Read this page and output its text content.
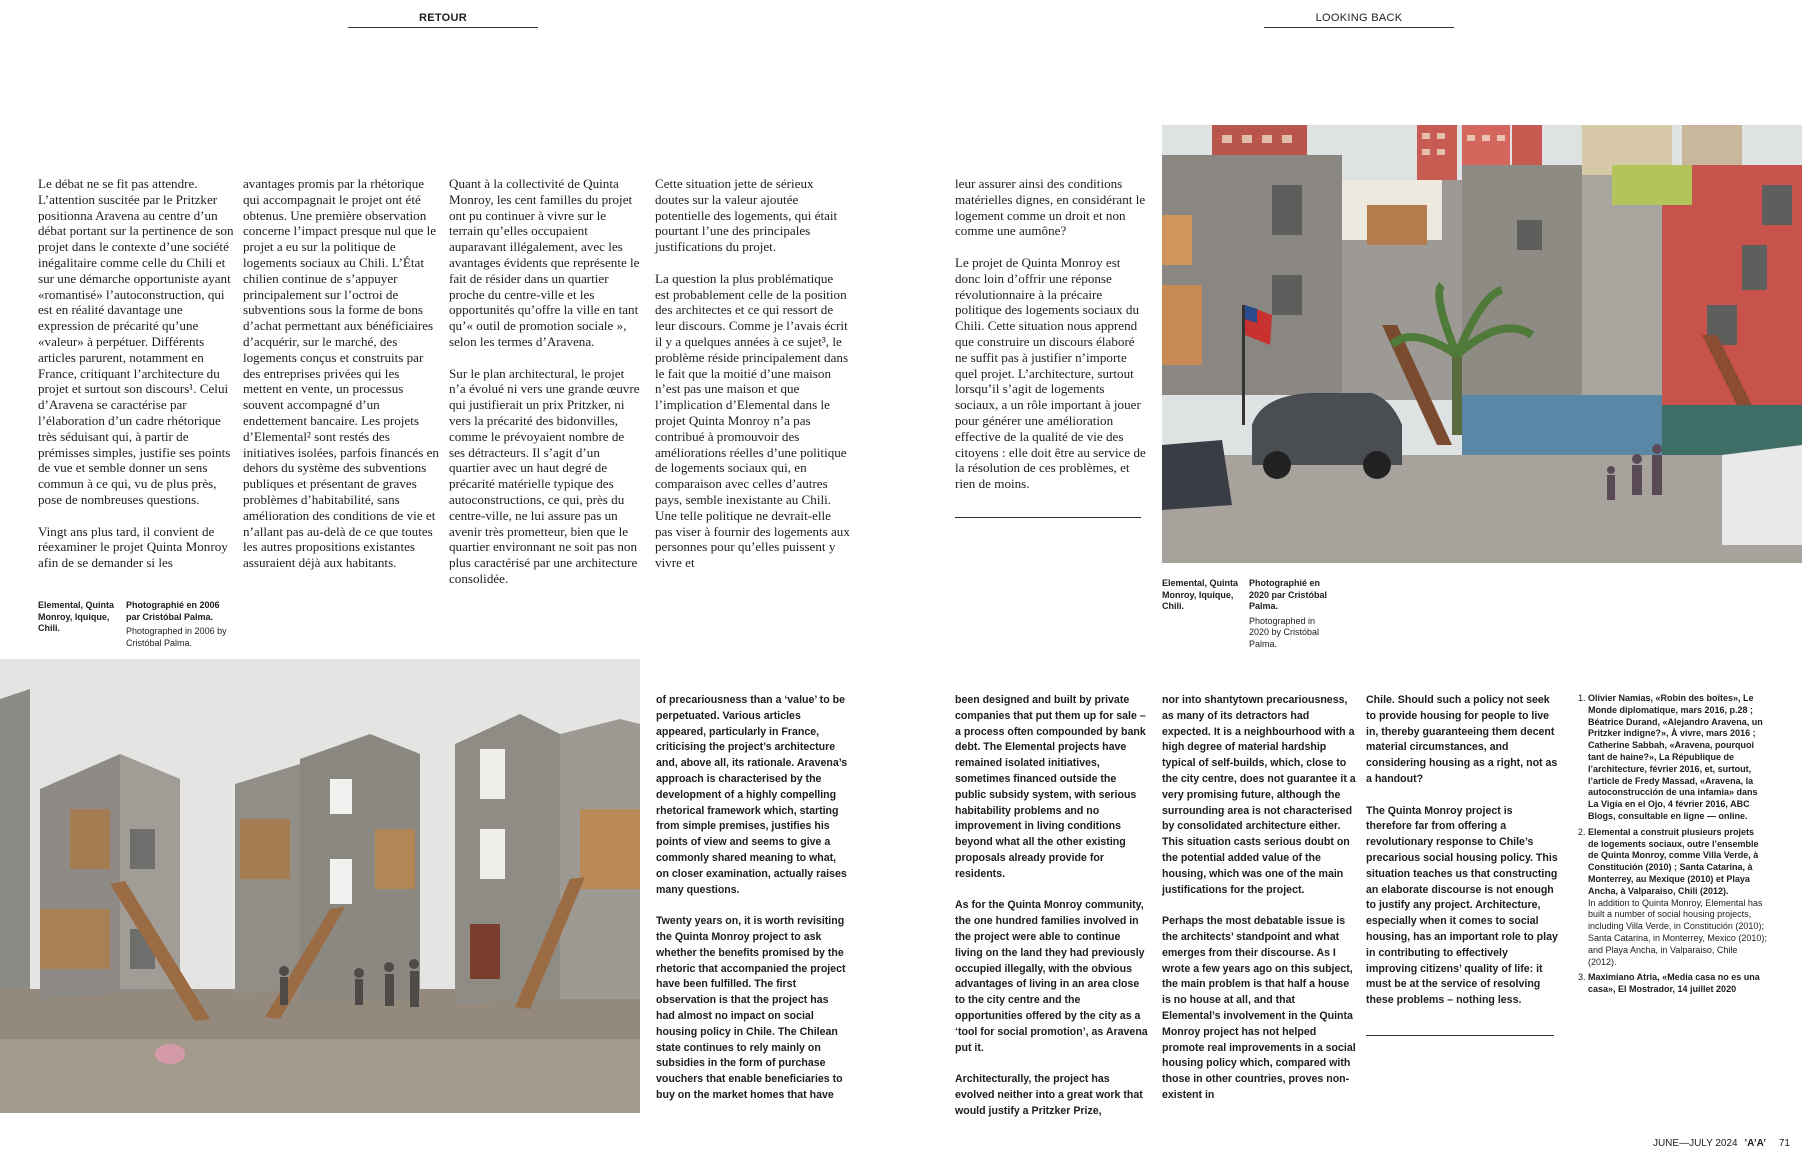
RETOUR	LOOKING BACK

Le débat ne se fit pas attendre. L’attention suscitée par le Pritzker positionna Aravena au centre d’un débat portant sur la pertinence de son projet dans le contexte d’une société inégalitaire comme celle du Chili et sur une démarche opportuniste ayant «romantisé» l’autoconstruction, qui est en réalité davantage une expression de précarité qu’une «valeur» à perpétuer. Différents articles parurent, notamment en France, critiquant l’architecture du projet et surtout son discours¹. Celui d’Aravena se caractérise par l’élaboration d’un cadre rhétorique très séduisant qui, à partir de prémisses simples, justifie ses points de vue et semble donner un sens commun à ce qui, vu de plus près, pose de nombreuses questions.

Vingt ans plus tard, il convient de réexaminer le projet Quinta Monroy afin de se demander si les

avantages promis par la rhétorique qui accompagnait le projet ont été obtenus. Une première observation concerne l’impact presque nul que le projet a eu sur la politique de logements sociaux au Chili. L’État chilien continue de s’appuyer principalement sur l’octroi de subventions sous la forme de bons d’achat permettant aux bénéficiaires d’acquérir, sur le marché, des logements conçus et construits par des entreprises privées qui les mettent en vente, un processus souvent accompagné d’un endettement bancaire. Les projets d’Elemental² sont restés des initiatives isolées, parfois financés en dehors du système des subventions publiques et présentant de graves problèmes d’habitabilité, sans amélioration des conditions de vie et n’allant pas au-delà de ce que toutes les autres propositions existantes assuraient déjà aux habitants.

Quant à la collectivité de Quinta Monroy, les cent familles du projet ont pu continuer à vivre sur le terrain qu’elles occupaient auparavant illégalement, avec les avantages évidents que représente le fait de résider dans un quartier proche du centre-ville et les opportunités qu’offre la ville en tant qu’« outil de promotion sociale », selon les termes d’Aravena.

Sur le plan architectural, le projet n’a évolué ni vers une grande œuvre qui justifierait un prix Pritzker, ni vers la précarité des bidonvilles, comme le prévoyaient nombre de ses détracteurs. Il s’agit d’un quartier avec un haut degré de précarité matérielle typique des autoconstructions, ce qui, près du centre-ville, ne lui assure pas un avenir très prometteur, bien que le quartier environnant ne soit pas non plus caractérisé par une architecture consolidée.

Cette situation jette de sérieux doutes sur la valeur ajoutée potentielle des logements, qui était pourtant l’une des principales justifications du projet.

La question la plus problématique est probablement celle de la position des architectes et ce qui ressort de leur discours. Comme je l’avais écrit il y a quelques années à ce sujet³, le problème réside principalement dans le fait que la moitié d’une maison n’est pas une maison et que l’implication d’Elemental dans le projet Quinta Monroy n’a pas contribué à promouvoir des améliorations réelles d’une politique de logements sociaux qui, en comparaison avec celles d’autres pays, semble inexistante au Chili. Une telle politique ne devrait-elle pas viser à fournir des logements aux personnes pour qu’elles puissent y vivre et

leur assurer ainsi des conditions matérielles dignes, en considérant le logement comme un droit et non comme une aumône?

Le projet de Quinta Monroy est donc loin d’offrir une réponse révolutionnaire à la précaire politique des logements sociaux du Chili. Cette situation nous apprend que construire un discours élaboré ne suffit pas à justifier n’importe quel projet. L’architecture, surtout lorsqu’il s’agit de logements sociaux, a un rôle important à jouer pour générer une amélioration effective de la qualité de vie des citoyens : elle doit être au service de la résolution de ces problèmes, et rien de moins.

Elemental, Quinta Monroy, Iquique, Chili.
Photographié en 2006 par Cristóbal Palma.
Photographed in 2006 by Cristóbal Palma.
Elemental, Quinta Monroy, Iquique, Chili.
Photographié en 2020 par Cristóbal Palma.
Photographed in 2020 by Cristóbal Palma.

of precariousness than a ‘value’ to be perpetuated. Various articles appeared, particularly in France, criticising the project’s architecture and, above all, its rationale. Aravena’s approach is characterised by the development of a highly compelling rhetorical framework which, starting from simple premises, justifies his points of view and seems to give a commonly shared meaning to what, on closer examination, actually raises many questions.

Twenty years on, it is worth revisiting the Quinta Monroy project to ask whether the benefits promised by the rhetoric that accompanied the project have been fulfilled. The first observation is that the project has had almost no impact on social housing policy in Chile. The Chilean state continues to rely mainly on subsidies in the form of purchase vouchers that enable beneficiaries to buy on the market homes that have

been designed and built by private companies that put them up for sale – a process often compounded by bank debt. The Elemental projects have remained isolated initiatives, sometimes financed outside the public subsidy system, with serious habitability problems and no improvement in living conditions beyond what all the other existing proposals already provide for residents.

As for the Quinta Monroy community, the one hundred families involved in the project were able to continue living on the land they had previously occupied illegally, with the obvious advantages of living in an area close to the city centre and the opportunities offered by the city as a ‘tool for social promotion’, as Aravena put it.

Architecturally, the project has evolved neither into a great work that would justify a Pritzker Prize,

nor into shantytown precariousness, as many of its detractors had expected. It is a neighbourhood with a high degree of material hardship typical of self-builds, which, close to the city centre, does not guarantee it a very promising future, although the surrounding area is not characterised by consolidated architecture either. This situation casts serious doubt on the potential added value of the housing, which was one of the main justifications for the project.

Perhaps the most debatable issue is the architects’ standpoint and what emerges from their discourse. As I wrote a few years ago on this subject, the main problem is that half a house is no house at all, and that Elemental’s involvement in the Quinta Monroy project has not helped promote real improvements in a social housing policy which, compared with those in other countries, proves non-existent in

Chile. Should such a policy not seek to provide housing for people to live in, thereby guaranteeing them decent material circumstances, and considering housing as a right, not as a handout?

The Quinta Monroy project is therefore far from offering a revolutionary response to Chile’s precarious social housing policy. This situation teaches us that constructing an elaborate discourse is not enough to justify any project. Architecture, especially when it comes to social housing, has an important role to play in contributing to effectively improving citizens’ quality of life: it must be at the service of resolving these problems – nothing less.

1. Olivier Namias, «Robin des boîtes», Le Monde diplomatique, mars 2016, p.28 ; Béatrice Durand, «Alejandro Aravena, un Pritzker indigne?», À vivre, mars 2016 ; Catherine Sabbah, «Aravena, pourquoi tant de haine?», La République de l’architecture, février 2016, et, surtout, l’article de Fredy Massad, «Aravena, la autoconstrucción de una infamia» dans La Vigía en el Ojo, 4 février 2016, ABC Blogs, consultable en ligne — online.
2. Elemental a construit plusieurs projets de logements sociaux, outre l’ensemble de Quinta Monroy, comme Villa Verde, à Constitución (2010) ; Santa Catarina, à Monterrey, au Mexique (2010) et Playa Ancha, à Valparaiso, Chili (2012).
In addition to Quinta Monroy, Elemental has built a number of social housing projects, including Villa Verde, in Constitución (2010); Santa Catarina, in Monterrey, Mexico (2010); and Playa Ancha, in Valparaiso, Chile (2012).
3. Maximiano Atria, «Media casa no es una casa», El Mostrador, 14 juillet 2020
JUNE—JULY 2024 ’A’A’ 71
